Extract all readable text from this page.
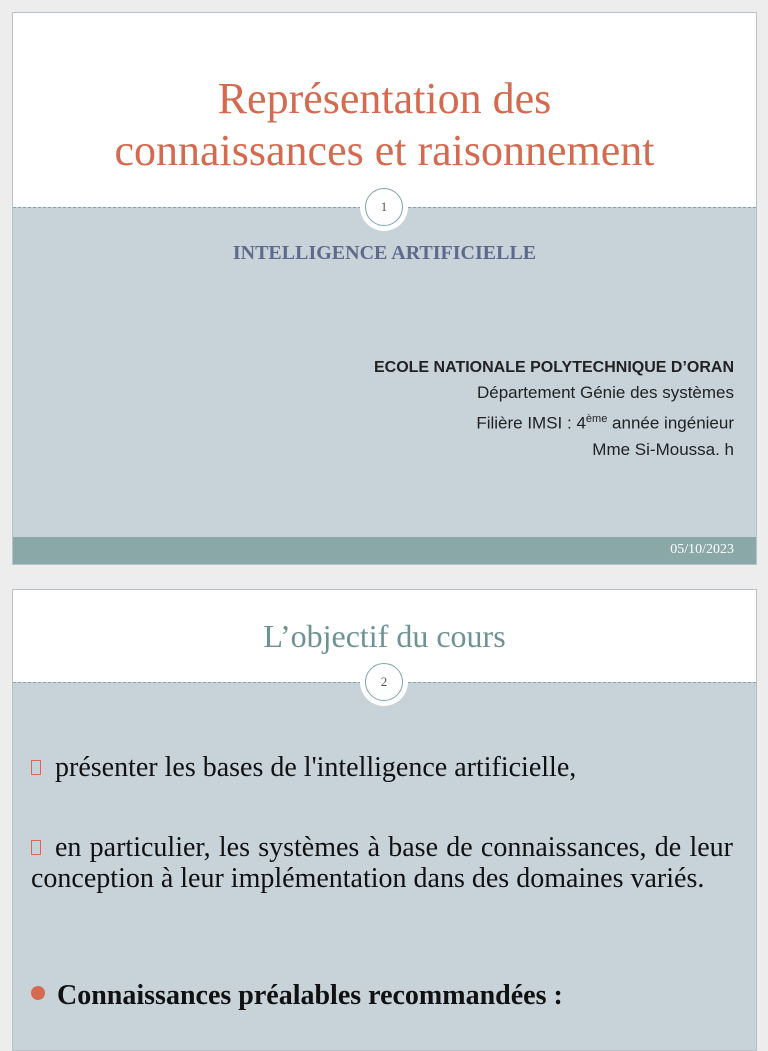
Représentation des
connaissances et raisonnement
1
INTELLIGENCE ARTIFICIELLE
ECOLE NATIONALE POLYTECHNIQUE D’ORAN
Département Génie des systèmes
Filière IMSI : 4ème année ingénieur
Mme Si-Moussa. h
05/10/2023
L’objectif du cours
2
présenter les bases de l'intelligence artificielle,
en particulier, les systèmes à base de connaissances, de leur conception à leur implémentation dans des domaines variés.
Connaissances préalables recommandées :
